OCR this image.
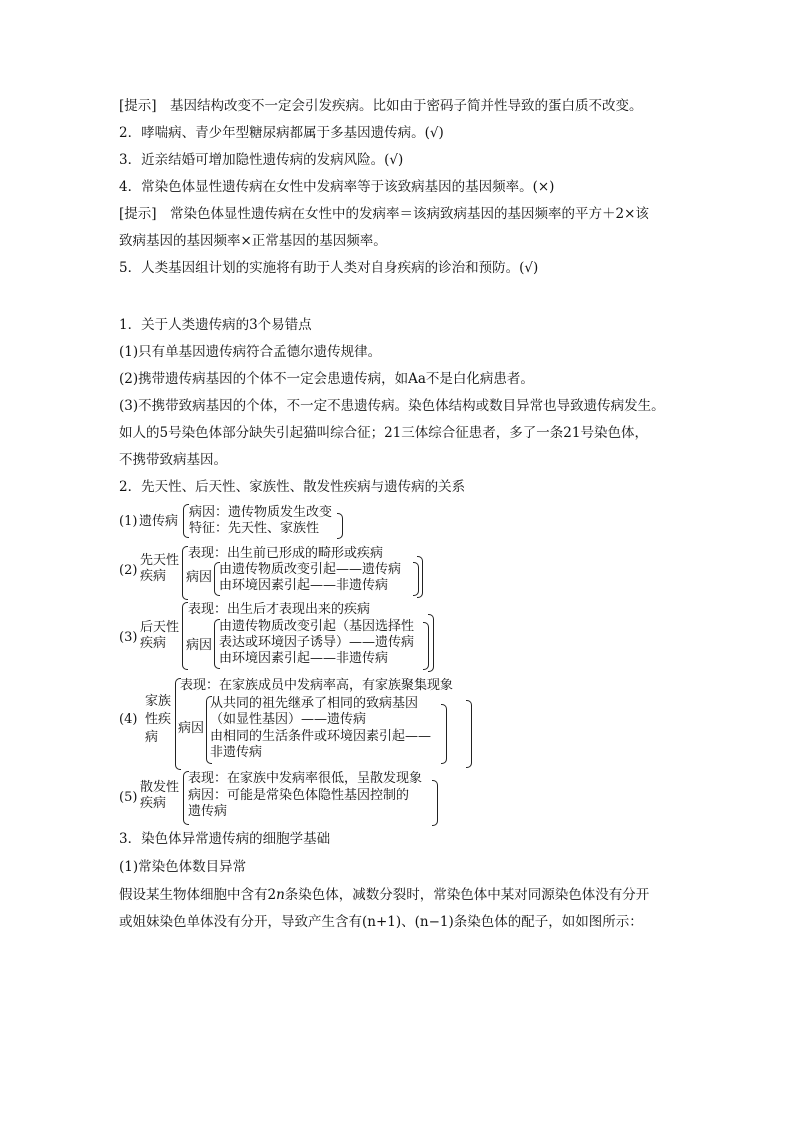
[提示]　基因结构改变不一定会引发疾病。比如由于密码子简并性导致的蛋白质不改变。
2．哮喘病、青少年型糖尿病都属于多基因遗传病。(√)
3．近亲结婚可增加隐性遗传病的发病风险。(√)
4．常染色体显性遗传病在女性中发病率等于该致病基因的基因频率。(×)
[提示]　常染色体显性遗传病在女性中的发病率＝该病致病基因的基因频率的平方＋2×该
致病基因的基因频率×正常基因的基因频率。
5．人类基因组计划的实施将有助于人类对自身疾病的诊治和预防。(√)
1．关于人类遗传病的3个易错点
(1)只有单基因遗传病符合孟德尔遗传规律。
(2)携带遗传病基因的个体不一定会患遗传病，如Aa不是白化病患者。
(3)不携带致病基因的个体，不一定不患遗传病。染色体结构或数目异常也导致遗传病发生。
如人的5号染色体部分缺失引起猫叫综合征；21三体综合征患者，多了一条21号染色体，
不携带致病基因。
2．先天性、后天性、家族性、散发性疾病与遗传病的关系
(1) 遗传病
病因：遗传物质发生改变
特征：先天性、家族性
(2)
先天性
疾病
表现：出生前已形成的畸形或疾病
病因
由遗传物质改变引起——遗传病
由环境因素引起——非遗传病
(3)
后天性
疾病
表现：出生后才表现出来的疾病
病因
由遗传物质改变引起（基因选择性
表达或环境因子诱导）——遗传病
由环境因素引起——非遗传病
(4)
家族
性疾
病
表现：在家族成员中发病率高，有家族聚集现象
病因
从共同的祖先继承了相同的致病基因
（如显性基因）——遗传病
由相同的生活条件或环境因素引起——
非遗传病
(5)
散发性
疾病
表现：在家族中发病率很低，呈散发现象
病因：可能是常染色体隐性基因控制的
遗传病
3．染色体异常遗传病的细胞学基础
(1)常染色体数目异常
假设某生物体细胞中含有2n条染色体，减数分裂时，常染色体中某对同源染色体没有分开
或姐妹染色单体没有分开，导致产生含有(n+1)、(n−1)条染色体的配子，如如图所示：
